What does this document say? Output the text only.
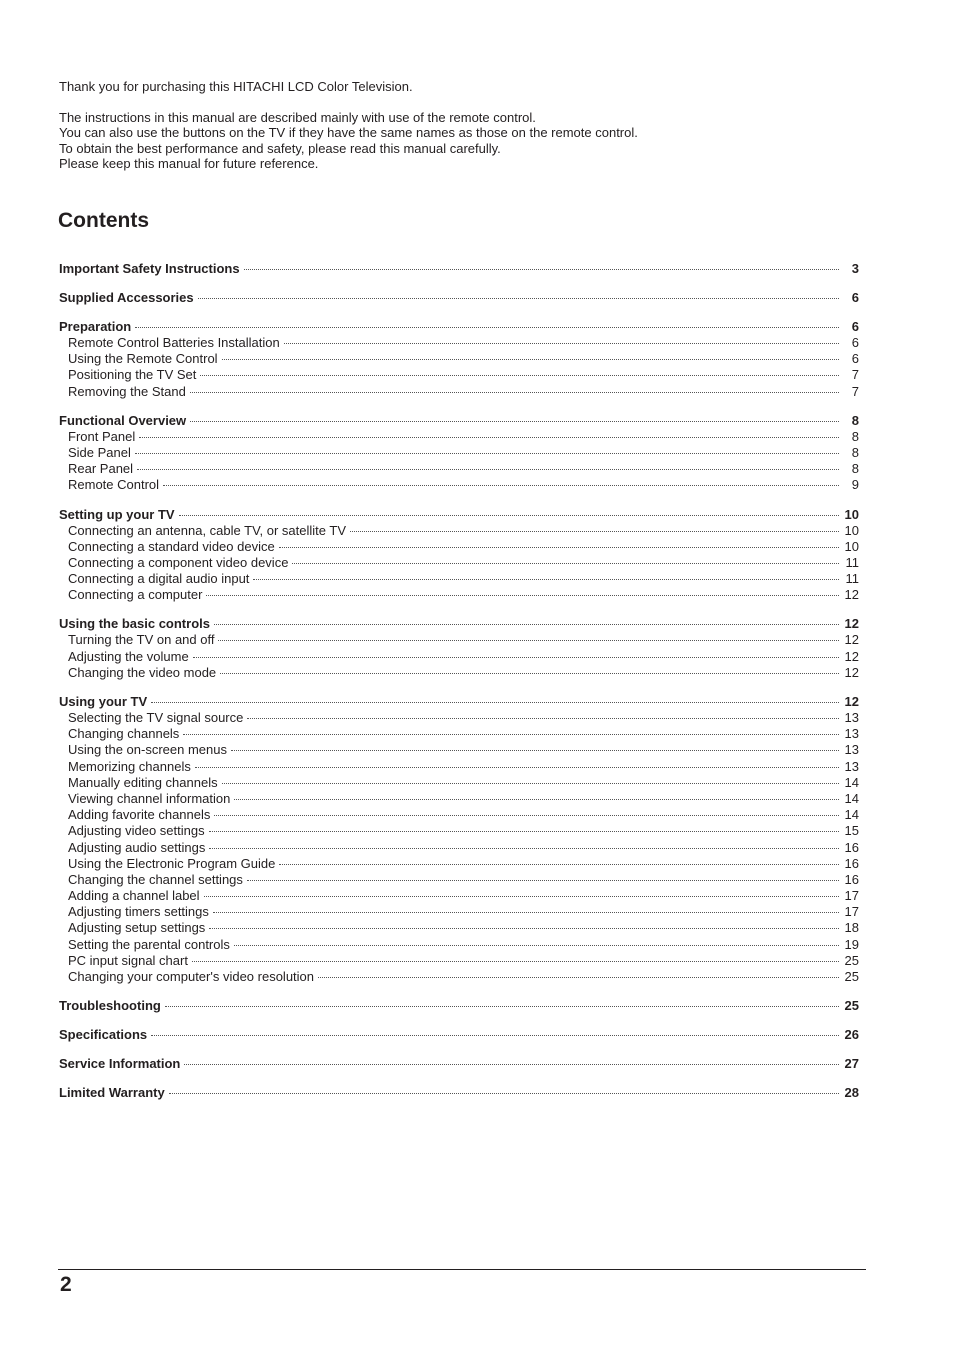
Thank you for purchasing this HITACHI LCD Color Television.

The instructions in this manual are described mainly with use of the remote control.

You can also use the buttons on the TV if they have the same names as those on the remote control.

To obtain the best performance and safety, please read this manual carefully.

Please keep this manual for future reference.

Contents
Important Safety Instructions	3
Supplied Accessories	6
Preparation	6
Remote Control Batteries Installation	6
Using the Remote Control	6
Positioning the TV Set	7
Removing the Stand	7
Functional Overview	8
Front Panel	8
Side Panel	8
Rear Panel	8
Remote Control	9
Setting up your TV	10
Connecting an antenna, cable TV, or satellite TV	10
Connecting a standard video device	10
Connecting a component video device	11
Connecting a digital audio input	11
Connecting a computer	12
Using the basic controls	12
Turning the TV on and off	12
Adjusting the volume	12
Changing the video mode	12
Using your TV	12
Selecting the TV signal source	13
Changing channels	13
Using the on-screen menus	13
Memorizing channels	13
Manually editing channels	14
Viewing channel information	14
Adding favorite channels	14
Adjusting video settings	15
Adjusting audio settings	16
Using the Electronic Program Guide	16
Changing the channel settings	16
Adding a channel label	17
Adjusting timers settings	17
Adjusting setup settings	18
Setting the parental controls	19
PC input signal chart	25
Changing your computer's video resolution	25
Troubleshooting	25
Specifications	26
Service Information	27
Limited Warranty	28
2
